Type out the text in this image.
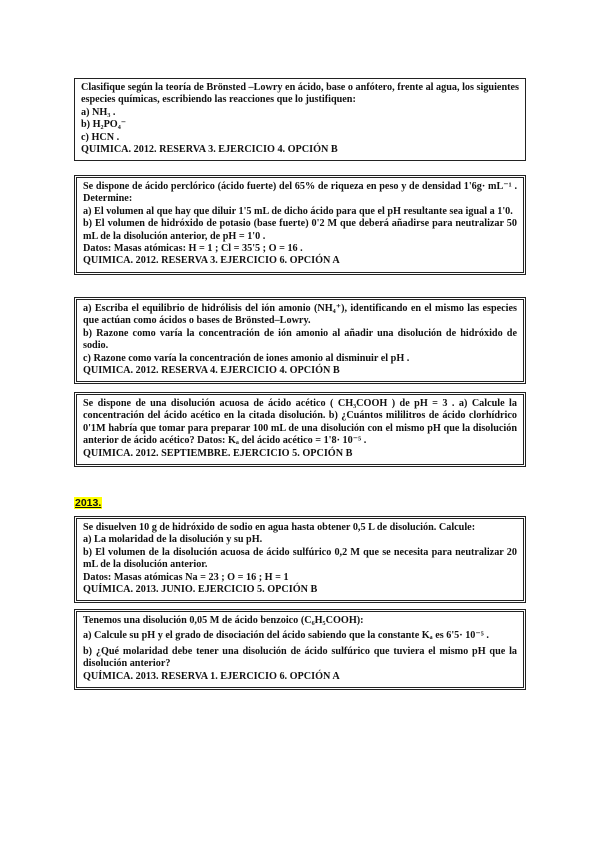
Clasifique según la teoría de Brönsted –Lowry en ácido, base o anfótero, frente al agua, los siguientes especies químicas, escribiendo las reacciones que lo justifiquen:

a) NH₃ .

b) H₂PO₄⁻

c) HCN .

QUIMICA. 2012. RESERVA 3. EJERCICIO 4. OPCIÓN B

Se dispone de ácido perclórico (ácido fuerte) del 65% de riqueza en peso y de densidad 1'6g· mL⁻¹ . Determine:

a) El volumen al que hay que diluir 1'5 mL de dicho ácido para que el pH resultante sea igual a 1'0.

b) El volumen de hidróxido de potasio (base fuerte) 0'2 M que deberá añadirse para neutralizar 50 mL de la disolución anterior, de pH = 1'0 .

Datos: Masas atómicas: H = 1 ; Cl = 35'5 ; O = 16 .

QUIMICA. 2012. RESERVA 3. EJERCICIO 6. OPCIÓN A

a) Escriba el equilibrio de hidrólisis del ión amonio (NH₄⁺), identificando en el mismo las especies que actúan como ácidos o bases de Brönsted–Lowry.

b) Razone como varía la concentración de ión amonio al añadir una disolución de hidróxido de sodio.

c) Razone como varía la concentración de iones amonio al disminuir el pH .

QUIMICA. 2012. RESERVA 4. EJERCICIO 4. OPCIÓN B

Se dispone de una disolución acuosa de ácido acético ( CH₃COOH ) de pH = 3 . a) Calcule la concentración del ácido acético en la citada disolución. b) ¿Cuántos mililitros de ácido clorhídrico 0'1M habría que tomar para preparar 100 mL de una disolución con el mismo pH que la disolución anterior de ácido acético? Datos: Kₐ del ácido acético = 1'8· 10⁻⁵ .

QUIMICA. 2012. SEPTIEMBRE. EJERCICIO 5. OPCIÓN B

2013.

Se disuelven 10 g de hidróxido de sodio en agua hasta obtener 0,5 L de disolución. Calcule:

a) La molaridad de la disolución y su pH.

b) El volumen de la disolución acuosa de ácido sulfúrico 0,2 M que se necesita para neutralizar 20 mL de la disolución anterior.

Datos: Masas atómicas Na = 23 ; O = 16 ; H = 1

QUÍMICA. 2013. JUNIO. EJERCICIO 5. OPCIÓN B

Tenemos una disolución 0,05 M de ácido benzoico (C₆H₅COOH):

a) Calcule su pH y el grado de disociación del ácido sabiendo que la constante Kₐ es 6'5· 10⁻⁵ .

b) ¿Qué molaridad debe tener una disolución de ácido sulfúrico que tuviera el mismo pH que la disolución anterior?

QUÍMICA. 2013. RESERVA 1. EJERCICIO 6. OPCIÓN A
